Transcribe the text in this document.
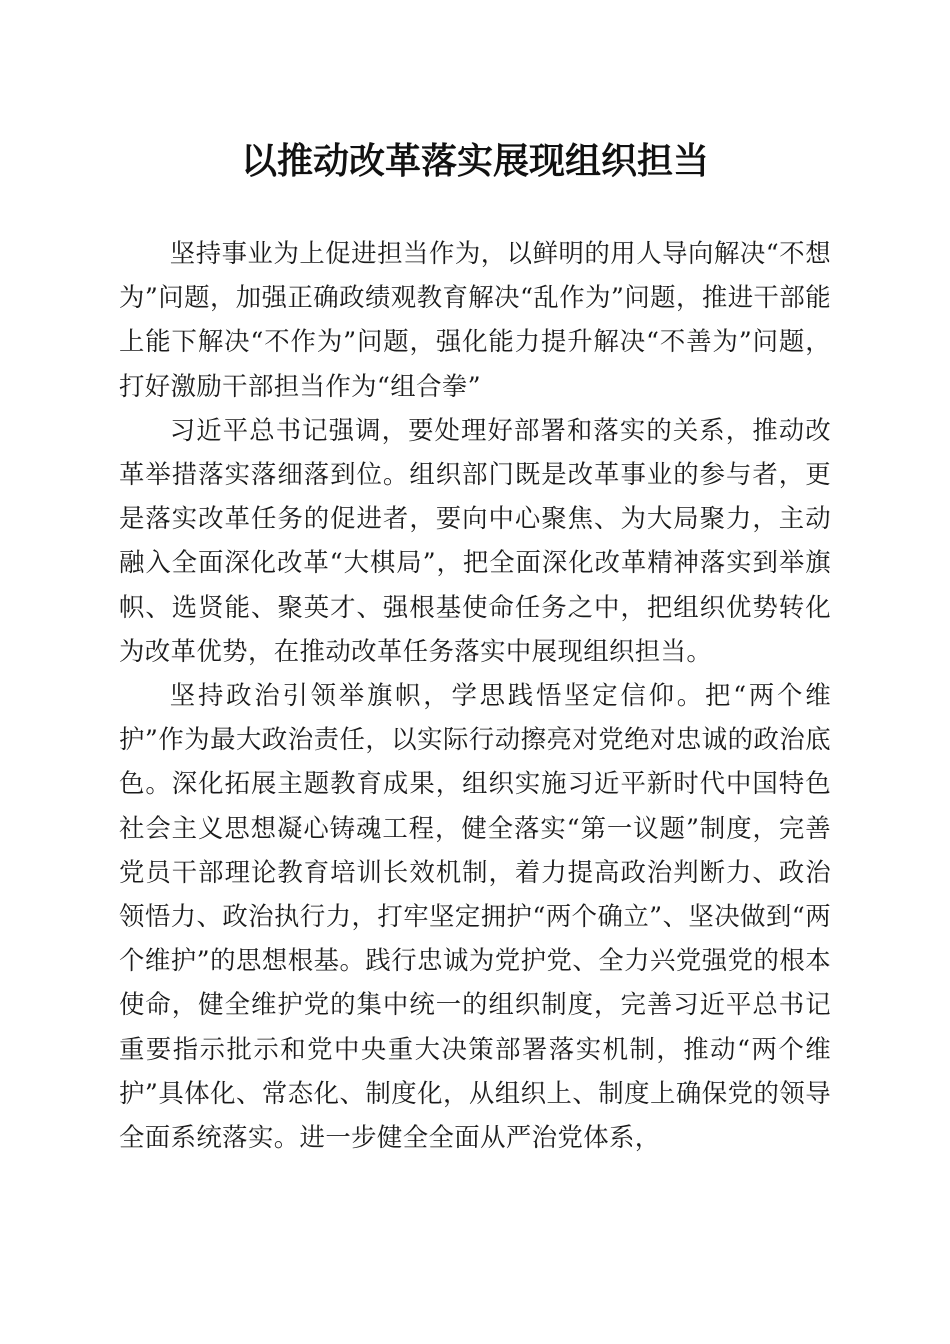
以推动改革落实展现组织担当

坚持事业为上促进担当作为，以鲜明的用人导向解决“不想为”问题，加强正确政绩观教育解决“乱作为”问题，推进干部能上能下解决“不作为”问题，强化能力提升解决“不善为”问题，打好激励干部担当作为“组合拳”

习近平总书记强调，要处理好部署和落实的关系，推动改革举措落实落细落到位。组织部门既是改革事业的参与者，更是落实改革任务的促进者，要向中心聚焦、为大局聚力，主动融入全面深化改革“大棋局”，把全面深化改革精神落实到举旗帜、选贤能、聚英才、强根基使命任务之中，把组织优势转化为改革优势，在推动改革任务落实中展现组织担当。

坚持政治引领举旗帜，学思践悟坚定信仰。把“两个维护”作为最大政治责任，以实际行动擦亮对党绝对忠诚的政治底色。深化拓展主题教育成果，组织实施习近平新时代中国特色社会主义思想凝心铸魂工程，健全落实“第一议题”制度，完善党员干部理论教育培训长效机制，着力提高政治判断力、政治领悟力、政治执行力，打牢坚定拥护“两个确立”、坚决做到“两个维护”的思想根基。践行忠诚为党护党、全力兴党强党的根本使命，健全维护党的集中统一的组织制度，完善习近平总书记重要指示批示和党中央重大决策部署落实机制，推动“两个维护”具体化、常态化、制度化，从组织上、制度上确保党的领导全面系统落实。进一步健全全面从严治党体系，
